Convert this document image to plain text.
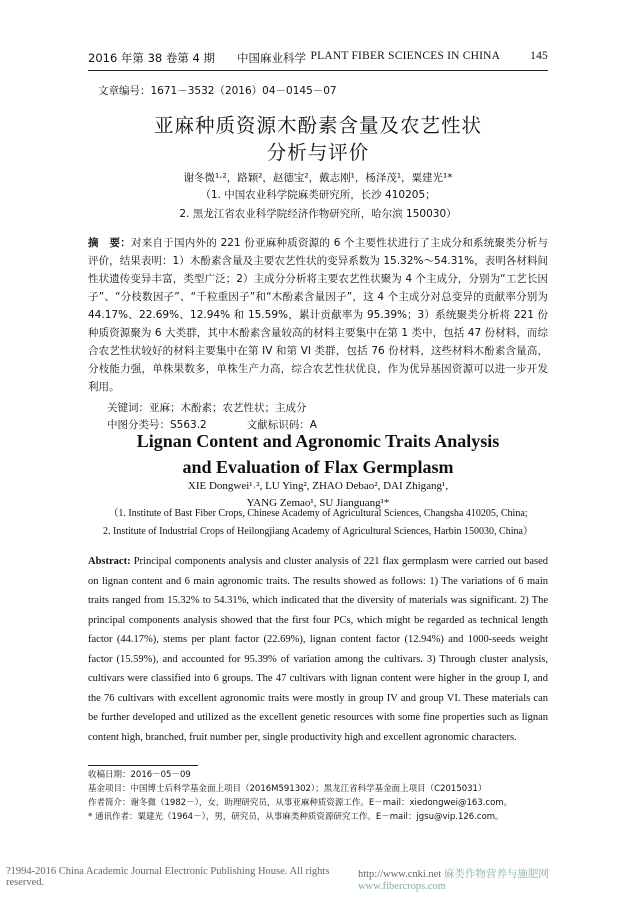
2016 年第 38 卷第 4 期 中国麻业科学 PLANT FIBER SCIENCES IN CHINA	145
文章编号：1671－3532（2016）04－0145－07
亚麻种质资源木酚素含量及农艺性状
分析与评价
谢冬微¹·²，路颖²，赵德宝²，戴志刚¹，杨泽茂¹，粟建光¹*
（1. 中国农业科学院麻类研究所，长沙 410205；
2. 黑龙江省农业科学院经济作物研究所，哈尔滨 150030）
摘　要：对来自于国内外的 221 份亚麻种质资源的 6 个主要性状进行了主成分和系统聚类分析与评价，结果表明：1）木酚素含量及主要农艺性状的变异系数为 15.32%～54.31%，表明各材料间性状遗传变异丰富，类型广泛；2）主成分分析将主要农艺性状聚为 4 个主成分，分别为“工艺长因子”、“分枝数因子”、“千粒重因子”和“木酚素含量因子”，这 4 个主成分对总变异的贡献率分别为 44.17%、22.69%、12.94% 和 15.59%，累计贡献率为 95.39%；3）系统聚类分析将 221 份种质资源聚为 6 大类群，其中木酚素含量较高的材料主要集中在第 1 类中，包括 47 份材料，而综合农艺性状较好的材料主要集中在第 IV 和第 VI 类群，包括 76 份材料，这些材料木酚素含量高，分枝能力强，单株果数多，单株生产力高，综合农艺性状优良，作为优异基因资源可以进一步开发利用。
关键词：亚麻；木酚素；农艺性状；主成分
中图分类号：S563.2	文献标识码：A
Lignan Content and Agronomic Traits Analysis
and Evaluation of Flax Germplasm
XIE Dongwei¹˒², LU Ying², ZHAO Debao², DAI Zhigang¹,
YANG Zemao¹, SU Jianguang¹*
（1. Institute of Bast Fiber Crops, Chinese Academy of Agricultural Sciences, Changsha 410205, China;
2. Institute of Industrial Crops of Heilongjiang Academy of Agricultural Sciences, Harbin 150030, China）
Abstract: Principal components analysis and cluster analysis of 221 flax germplasm were carried out based on lignan content and 6 main agronomic traits. The results showed as follows: 1) The variations of 6 main traits ranged from 15.32% to 54.31%, which indicated that the diversity of materials was significant. 2) The principal components analysis showed that the first four PCs, which might be regarded as technical length factor (44.17%), stems per plant factor (22.69%), lignan content factor (12.94%) and 1000-seeds weight factor (15.59%), and accounted for 95.39% of variation among the cultivars. 3) Through cluster analysis, cultivars were classified into 6 groups. The 47 cultivars with lignan content were higher in the group I, and the 76 cultivars with excellent agronomic traits were mostly in group IV and group VI. These materials can be further developed and utilized as the excellent genetic resources with some fine properties such as lignan content high, branched, fruit number per, single productivity high and excellent agronomic characters.
收稿日期：2016－05－09
基金项目：中国博士后科学基金面上项目（2016M591302）；黑龙江省科学基金面上项目（C2015031）
作者简介：谢冬微（1982－），女，助理研究员，从事亚麻种质资源工作。E－mail：xiedongwei@163.com。
* 通讯作者：粟建光（1964－），男，研究员，从事麻类种质资源研究工作。E－mail：jgsu@vip.126.com。
?1994-2016 China Academic Journal Electronic Publishing House. All rights reserved.
http://www.cnki.net 麻类作物营养与施肥网 www.fibercrops.com
